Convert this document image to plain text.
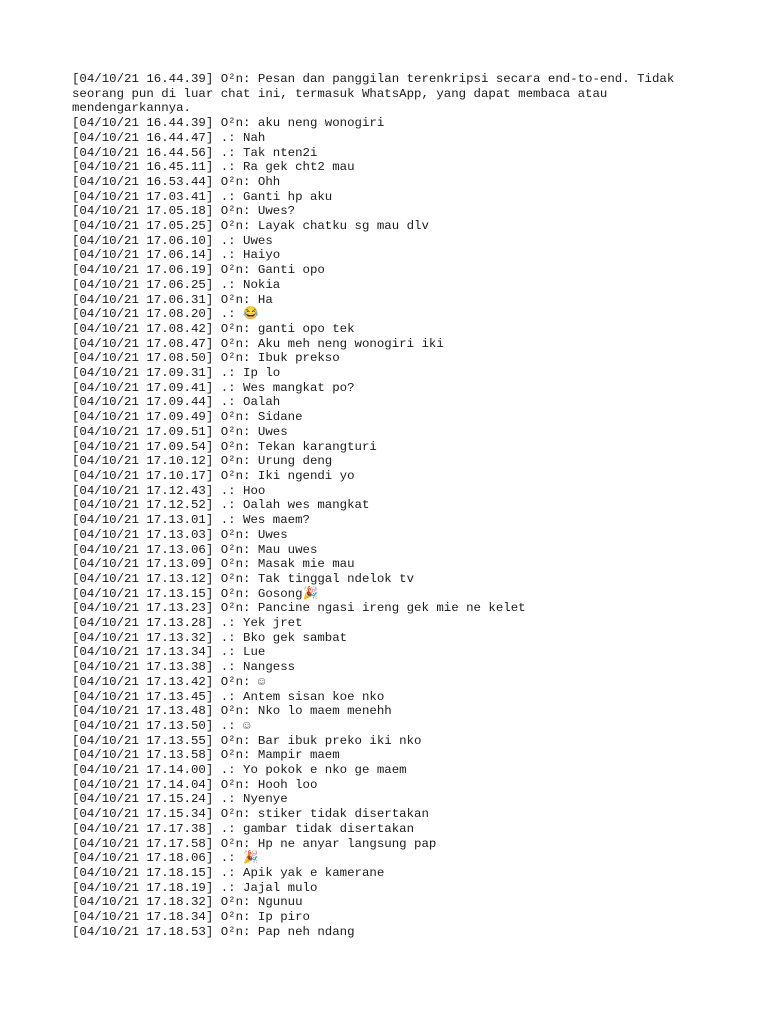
[04/10/21 16.44.39] O²n: Pesan dan panggilan terenkripsi secara end-to-end. Tidak seorang pun di luar chat ini, termasuk WhatsApp, yang dapat membaca atau mendengarkannya.
[04/10/21 16.44.39] O²n: aku neng wonogiri
[04/10/21 16.44.47] .: Nah
[04/10/21 16.44.56] .: Tak nten2i
[04/10/21 16.45.11] .: Ra gek cht2 mau
[04/10/21 16.53.44] O²n: Ohh
[04/10/21 17.03.41] .: Ganti hp aku
[04/10/21 17.05.18] O²n: Uwes?
[04/10/21 17.05.25] O²n: Layak chatku sg mau dlv
[04/10/21 17.06.10] .: Uwes
[04/10/21 17.06.14] .: Haiyo
[04/10/21 17.06.19] O²n: Ganti opo
[04/10/21 17.06.25] .: Nokia
[04/10/21 17.06.31] O²n: Ha
[04/10/21 17.08.20] .: 😂
[04/10/21 17.08.42] O²n: ganti opo tek
[04/10/21 17.08.47] O²n: Aku meh neng wonogiri iki
[04/10/21 17.08.50] O²n: Ibuk prekso
[04/10/21 17.09.31] .: Ip lo
[04/10/21 17.09.41] .: Wes mangkat po?
[04/10/21 17.09.44] .: Oalah
[04/10/21 17.09.49] O²n: Sidane
[04/10/21 17.09.51] O²n: Uwes
[04/10/21 17.09.54] O²n: Tekan karangturi
[04/10/21 17.10.12] O²n: Urung deng
[04/10/21 17.10.17] O²n: Iki ngendi yo
[04/10/21 17.12.43] .: Hoo
[04/10/21 17.12.52] .: Oalah wes mangkat
[04/10/21 17.13.01] .: Wes maem?
[04/10/21 17.13.03] O²n: Uwes
[04/10/21 17.13.06] O²n: Mau uwes
[04/10/21 17.13.09] O²n: Masak mie mau
[04/10/21 17.13.12] O²n: Tak tinggal ndelok tv
[04/10/21 17.13.15] O²n: Gosong🎉
[04/10/21 17.13.23] O²n: Pancine ngasi ireng gek mie ne kelet
[04/10/21 17.13.28] .: Yek jret
[04/10/21 17.13.32] .: Bko gek sambat
[04/10/21 17.13.34] .: Lue
[04/10/21 17.13.38] .: Nangess
[04/10/21 17.13.42] O²n: ☺
[04/10/21 17.13.45] .: Antem sisan koe nko
[04/10/21 17.13.48] O²n: Nko lo maem menehh
[04/10/21 17.13.50] .: ☺
[04/10/21 17.13.55] O²n: Bar ibuk preko iki nko
[04/10/21 17.13.58] O²n: Mampir maem
[04/10/21 17.14.00] .: Yo pokok e nko ge maem
[04/10/21 17.14.04] O²n: Hooh loo
[04/10/21 17.15.24] .: Nyenye
[04/10/21 17.15.34] O²n: stiker tidak disertakan
[04/10/21 17.17.38] .: gambar tidak disertakan
[04/10/21 17.17.58] O²n: Hp ne anyar langsung pap
[04/10/21 17.18.06] .: 🎉
[04/10/21 17.18.15] .: Apik yak e kamerane
[04/10/21 17.18.19] .: Jajal mulo
[04/10/21 17.18.32] O²n: Ngunuu
[04/10/21 17.18.34] O²n: Ip piro
[04/10/21 17.18.53] O²n: Pap neh ndang
